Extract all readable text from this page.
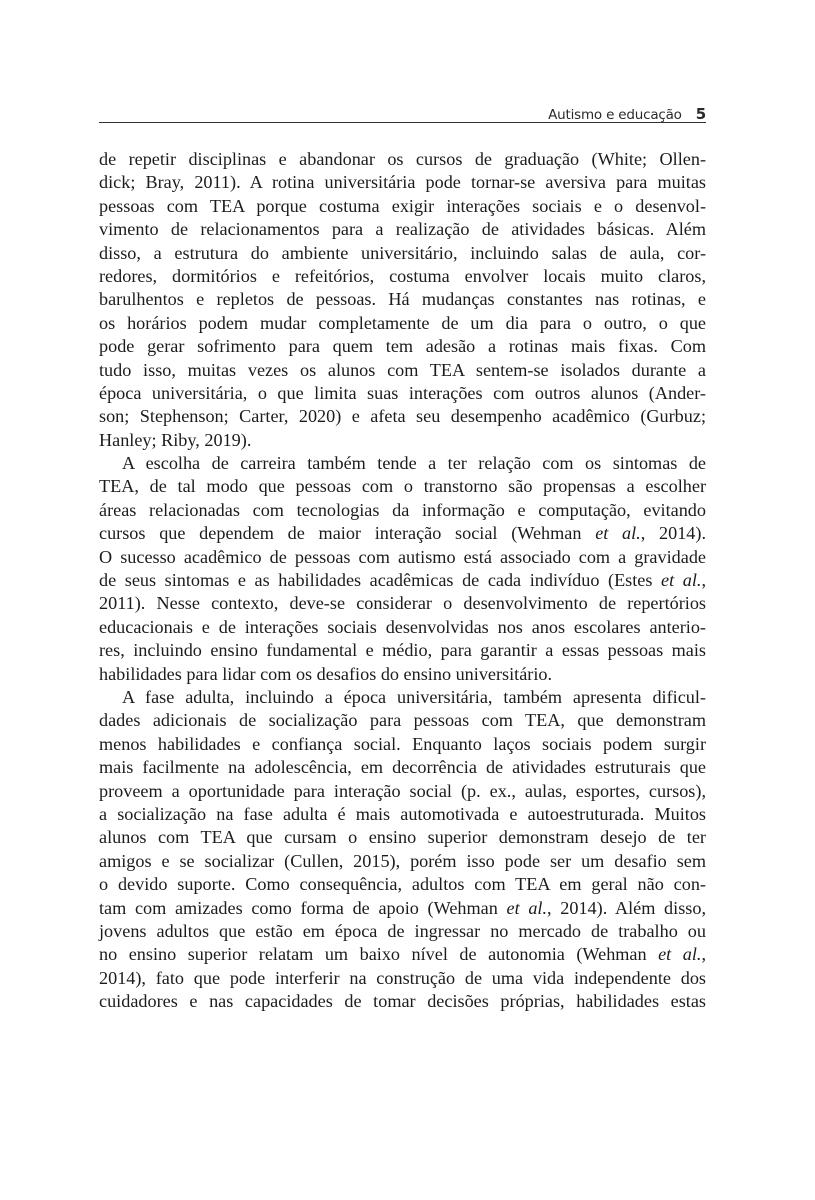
Autismo e educação 5
de repetir disciplinas e abandonar os cursos de graduação (White; Ollen-
dick; Bray, 2011). A rotina universitária pode tornar-se aversiva para muitas
pessoas com TEA porque costuma exigir interações sociais e o desenvol-
vimento de relacionamentos para a realização de atividades básicas. Além
disso, a estrutura do ambiente universitário, incluindo salas de aula, cor-
redores, dormitórios e refeitórios, costuma envolver locais muito claros,
barulhentos e repletos de pessoas. Há mudanças constantes nas rotinas, e
os horários podem mudar completamente de um dia para o outro, o que
pode gerar sofrimento para quem tem adesão a rotinas mais fixas. Com
tudo isso, muitas vezes os alunos com TEA sentem-se isolados durante a
época universitária, o que limita suas interações com outros alunos (Ander-
son; Stephenson; Carter, 2020) e afeta seu desempenho acadêmico (Gurbuz;
Hanley; Riby, 2019).
A escolha de carreira também tende a ter relação com os sintomas de
TEA, de tal modo que pessoas com o transtorno são propensas a escolher
áreas relacionadas com tecnologias da informação e computação, evitando
cursos que dependem de maior interação social (Wehman et al., 2014).
O sucesso acadêmico de pessoas com autismo está associado com a gravidade
de seus sintomas e as habilidades acadêmicas de cada indivíduo (Estes et al.,
2011). Nesse contexto, deve-se considerar o desenvolvimento de repertórios
educacionais e de interações sociais desenvolvidas nos anos escolares anterio-
res, incluindo ensino fundamental e médio, para garantir a essas pessoas mais
habilidades para lidar com os desafios do ensino universitário.
A fase adulta, incluindo a época universitária, também apresenta dificul-
dades adicionais de socialização para pessoas com TEA, que demonstram
menos habilidades e confiança social. Enquanto laços sociais podem surgir
mais facilmente na adolescência, em decorrência de atividades estruturais que
proveem a oportunidade para interação social (p. ex., aulas, esportes, cursos),
a socialização na fase adulta é mais automotivada e autoestruturada. Muitos
alunos com TEA que cursam o ensino superior demonstram desejo de ter
amigos e se socializar (Cullen, 2015), porém isso pode ser um desafio sem
o devido suporte. Como consequência, adultos com TEA em geral não con-
tam com amizades como forma de apoio (Wehman et al., 2014). Além disso,
jovens adultos que estão em época de ingressar no mercado de trabalho ou
no ensino superior relatam um baixo nível de autonomia (Wehman et al.,
2014), fato que pode interferir na construção de uma vida independente dos
cuidadores e nas capacidades de tomar decisões próprias, habilidades estas
